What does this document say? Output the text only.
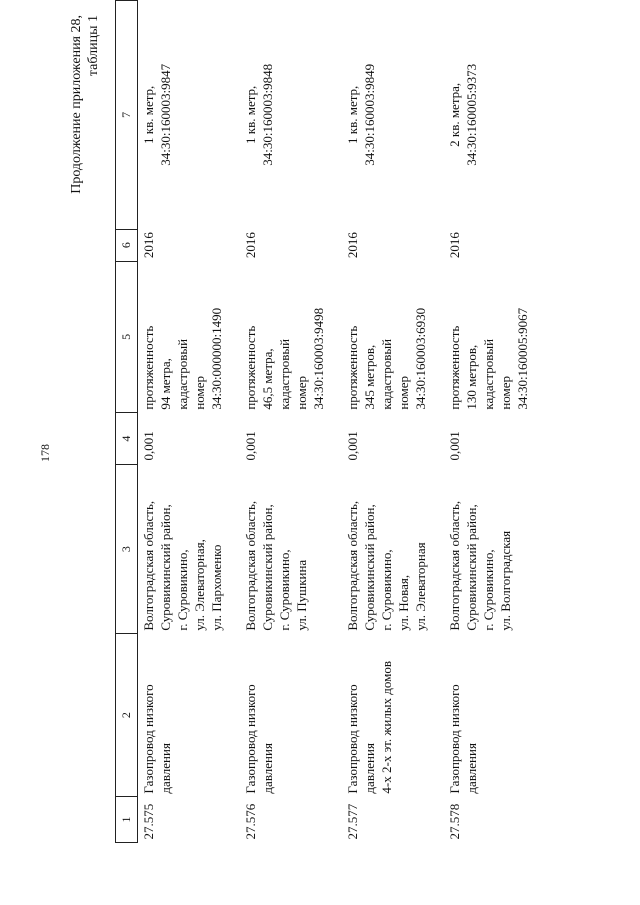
178
Продолжение приложения 28, таблицы 1
1	2	3	4	5	6	7
27.575	Газопровод низкого давления	Волгоградская область,
Суровикинский район,
г. Суровикино,
ул. Элеваторная,
ул. Пархоменко	0,001	протяженность
94 метра,
кадастровый
номер
34:30:000000:1490	2016	1 кв. метр,
34:30:160003:9847
27.576	Газопровод низкого давления	Волгоградская область,
Суровикинский район,
г. Суровикино,
ул. Пушкина	0,001	протяженность
46,5 метра,
кадастровый
номер
34:30:160003:9498	2016	1 кв. метр,
34:30:160003:9848
27.577	Газопровод низкого давления
4-х 2-х эт. жилых домов	Волгоградская область,
Суровикинский район,
г. Суровикино,
ул. Новая,
ул. Элеваторная	0,001	протяженность
345 метров,
кадастровый
номер
34:30:160003:6930	2016	1 кв. метр,
34:30:160003:9849
27.578	Газопровод низкого давления	Волгоградская область,
Суровикинский район,
г. Суровикино,
ул. Волгоградская	0,001	протяженность
130 метров,
кадастровый
номер
34:30:160005:9067	2016	2 кв. метра,
34:30:160005:9373
